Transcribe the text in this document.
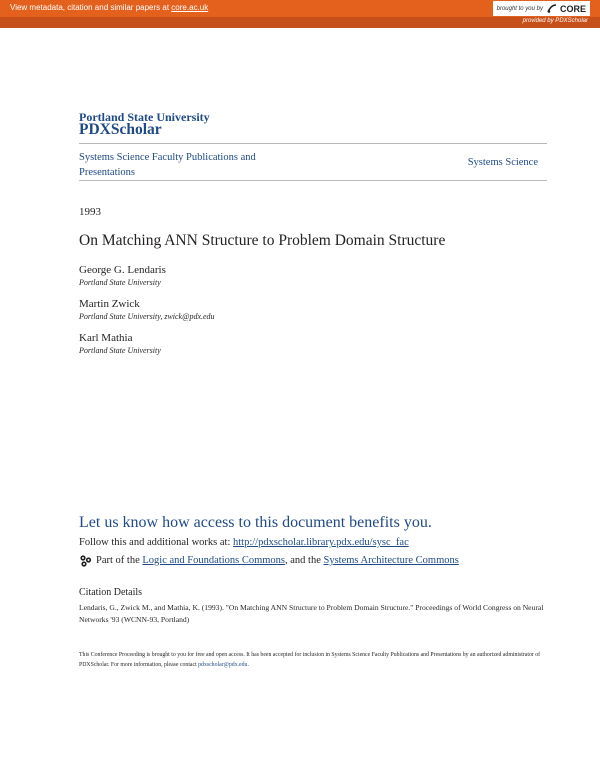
View metadata, citation and similar papers at core.ac.uk	brought to you by CORE
provided by PDXScholar
Portland State University
PDXScholar
Systems Science Faculty Publications and Presentations
Systems Science
1993
On Matching ANN Structure to Problem Domain Structure
George G. Lendaris
Portland State University
Martin Zwick
Portland State University, zwick@pdx.edu
Karl Mathia
Portland State University
Let us know how access to this document benefits you.
Follow this and additional works at: http://pdxscholar.library.pdx.edu/sysc_fac
Part of the Logic and Foundations Commons, and the Systems Architecture Commons
Citation Details
Lendaris, G., Zwick M., and Mathia, K. (1993). "On Matching ANN Structure to Problem Domain Structure." Proceedings of World Congress on Neural Networks '93 (WCNN-93, Portland)
This Conference Proceeding is brought to you for free and open access. It has been accepted for inclusion in Systems Science Faculty Publications and Presentations by an authorized administrator of PDXScholar. For more information, please contact pdxscholar@pdx.edu.
